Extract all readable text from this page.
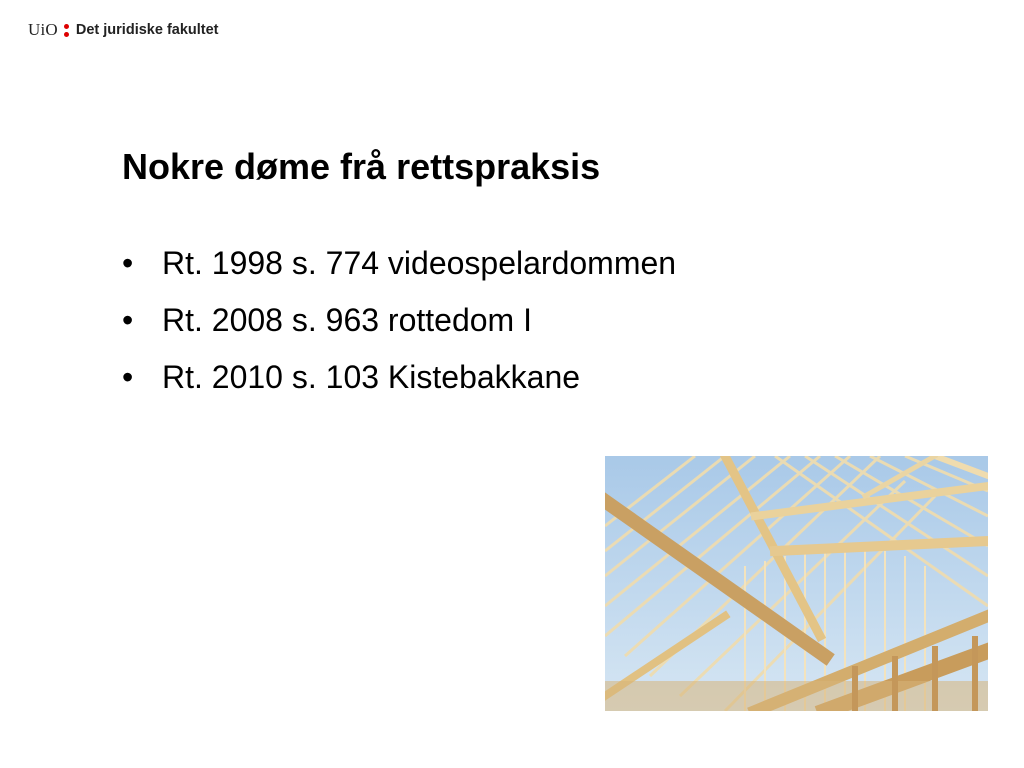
UiO Det juridiske fakultet
Nokre døme frå rettspraksis
• Rt. 1998 s. 774 videospelardommen
• Rt. 2008 s. 963 rottedom I
• Rt. 2010 s. 103 Kistebakkane
